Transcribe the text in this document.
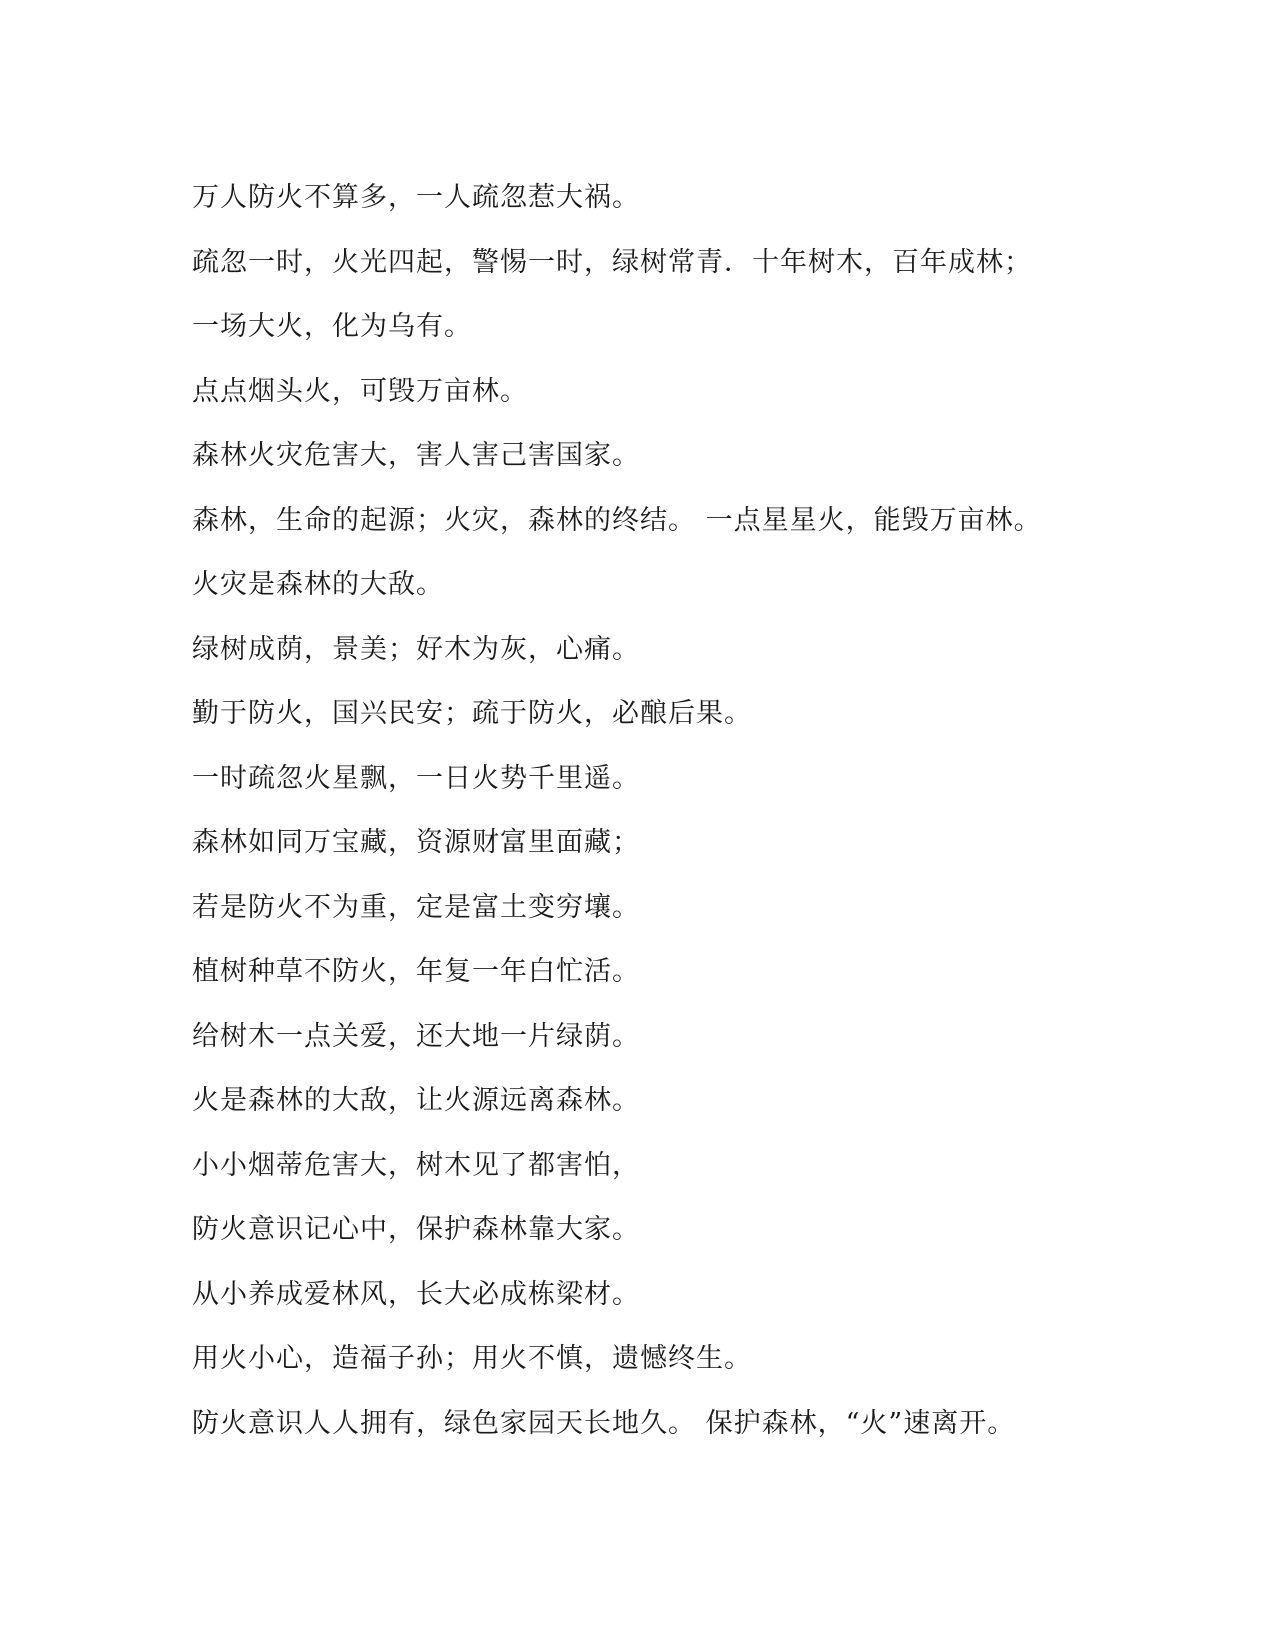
万人防火不算多，一人疏忽惹大祸。
疏忽一时，火光四起，警惕一时，绿树常青．十年树木，百年成林；
一场大火，化为乌有。
点点烟头火，可毁万亩林。
森林火灾危害大，害人害己害国家。
森林，生命的起源；火灾，森林的终结。 一点星星火，能毁万亩林。
火灾是森林的大敌。
绿树成荫，景美；好木为灰，心痛。
勤于防火，国兴民安；疏于防火，必酿后果。
一时疏忽火星飘，一日火势千里遥。
森林如同万宝藏，资源财富里面藏；
若是防火不为重，定是富土变穷壤。
植树种草不防火，年复一年白忙活。
给树木一点关爱，还大地一片绿荫。
火是森林的大敌，让火源远离森林。
小小烟蒂危害大，树木见了都害怕，
防火意识记心中，保护森林靠大家。
从小养成爱林风，长大必成栋梁材。
用火小心，造福子孙；用火不慎，遗憾终生。
防火意识人人拥有，绿色家园天长地久。 保护森林，“火”速离开。
